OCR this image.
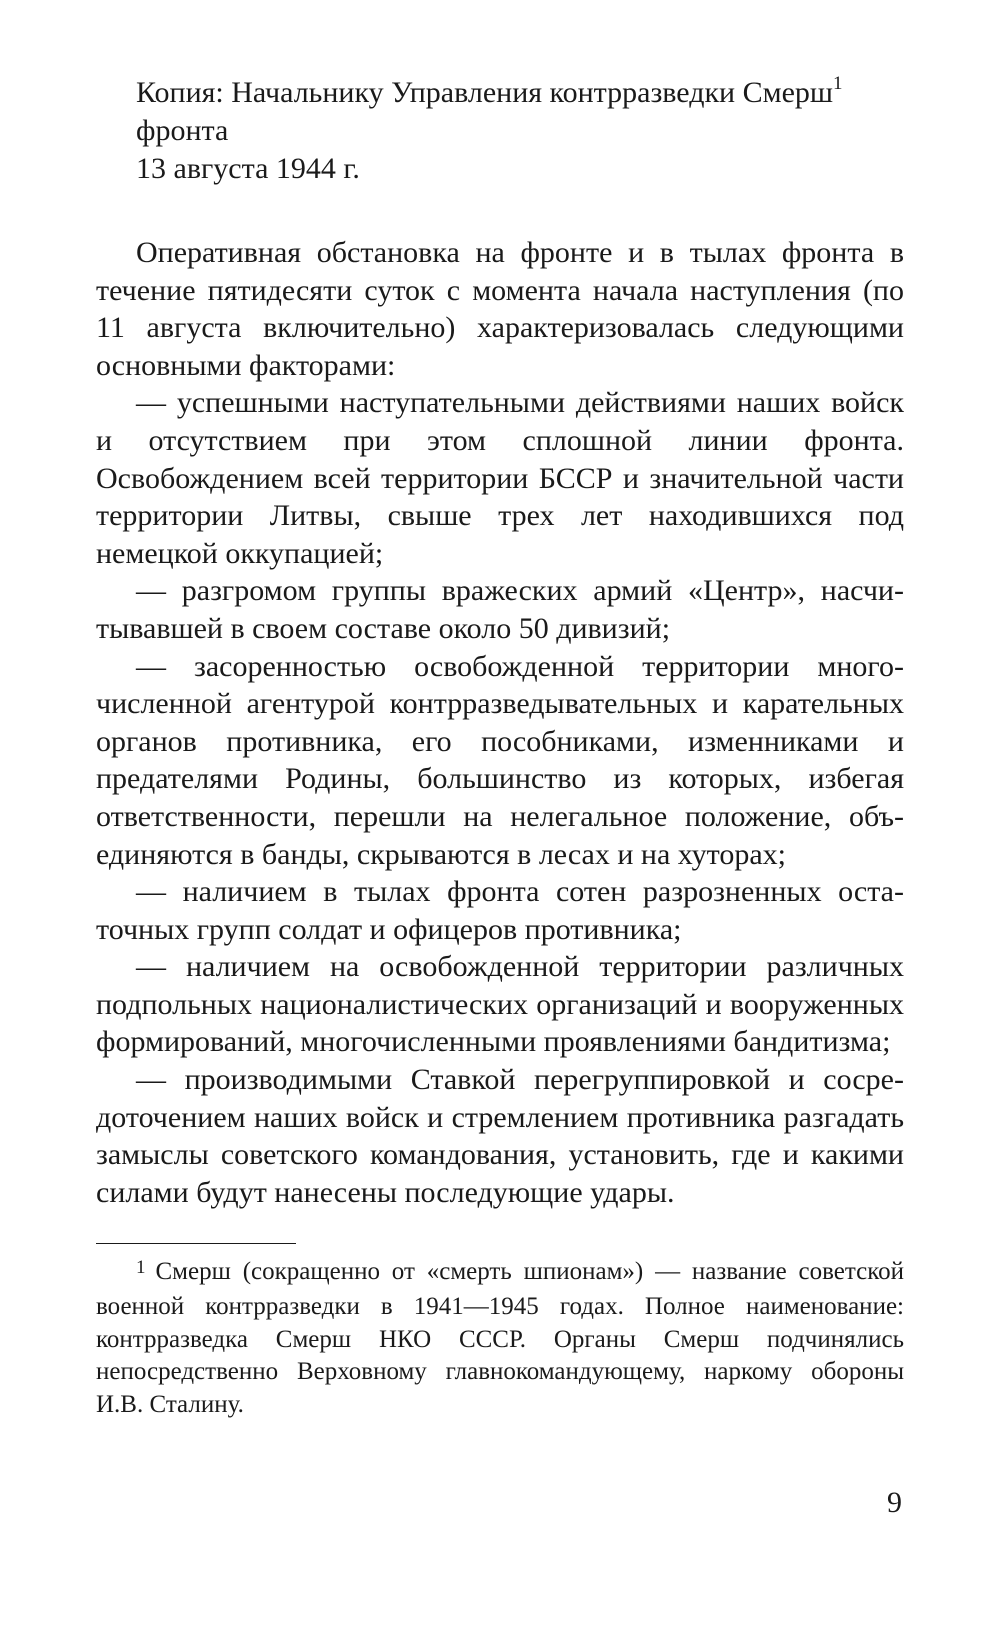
Копия: Начальнику Управления контрразведки Смерш$^1$
фронта
13 августа 1944 г.

Оперативная обстановка на фронте и в тылах фронта в течение пятидесяти суток с момента начала наступления (по 11 августа включительно) характеризовалась следующими основными факторами:

— успешными наступательными действиями наших войск и отсутствием при этом сплошной линии фронта. Освобождением всей территории БССР и значительной части территории Литвы, свыше трех лет находившихся под немецкой оккупацией;

— разгромом группы вражеских армий «Центр», насчитывавшей в своем составе около 50 дивизий;

— засоренностью освобожденной территории многочисленной агентурой контрразведывательных и карательных органов противника, его пособниками, изменниками и предателями Родины, большинство из которых, избегая ответственности, перешли на нелегальное положение, объединяются в банды, скрываются в лесах и на хуторах;

— наличием в тылах фронта сотен разрозненных остаточных групп солдат и офицеров противника;

— наличием на освобожденной территории различных подпольных националистических организаций и вооруженных формирований, многочисленными проявлениями бандитизма;

— производимыми Ставкой перегруппировкой и сосредоточением наших войск и стремлением противника разгадать замыслы советского командования, установить, где и какими силами будут нанесены последующие удары.

$^1$ Смерш (сокращенно от «смерть шпионам») — название советской военной контрразведки в 1941—1945 годах. Полное наименование: контрразведка Смерш НКО СССР. Органы Смерш подчинялись непосредственно Верховному главнокомандующему, наркому обороны И.В. Сталину.
9
